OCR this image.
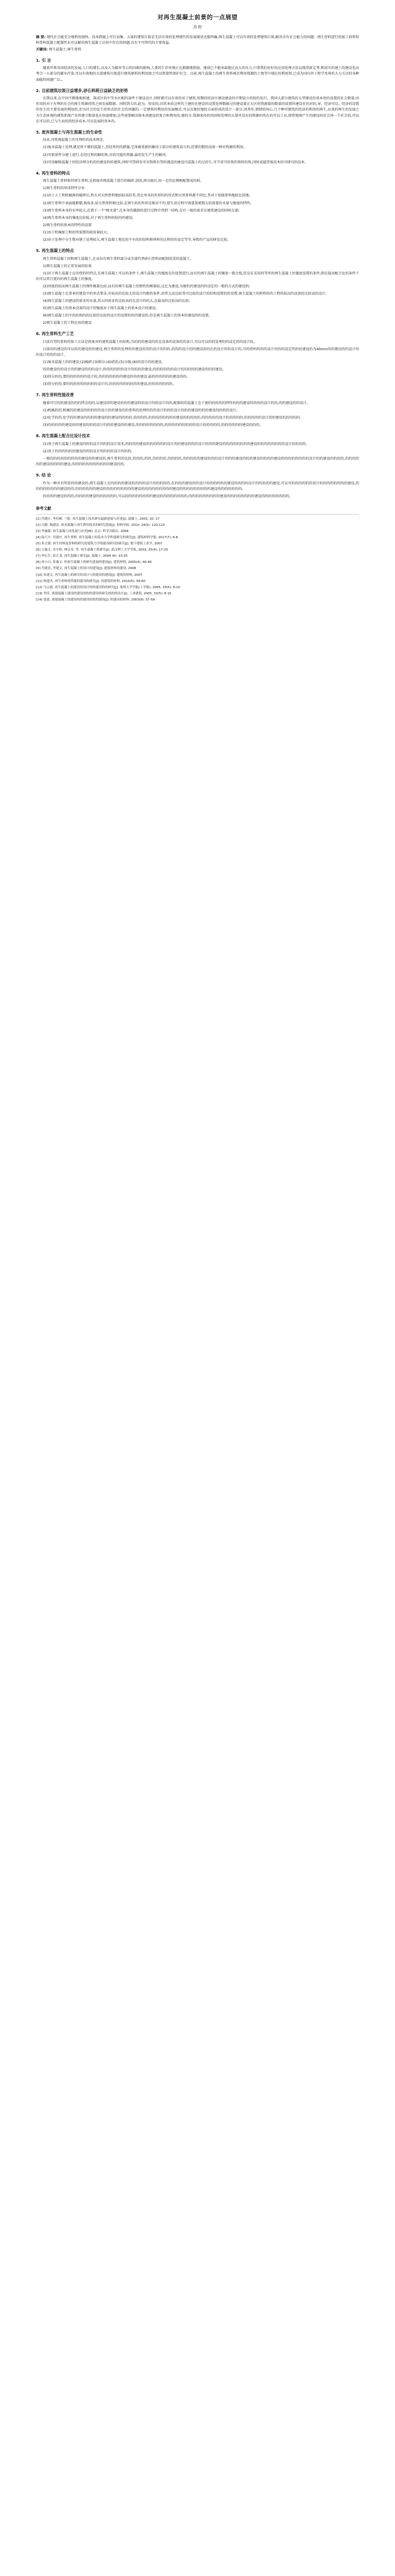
对再生混凝土前景的一点展望
苏 阳

摘 要: 现代社会能充分地利用加快、技术措施上可行而集、大量的建筑垃圾是无法有效的处理现代的发展现状还能明确,再生混凝土可以有效的处理建筑垃圾,解决含有社会能力的问题。再生骨料进行的加工回将骨料骨料混凝土配制性水可以解决再生混凝土应用中存在的问题,具有不可替代的主要效益。

关键词: 再生混凝土;再生骨料

1. 引 言

随着世界各国经济的发展,人口的增长,以及人为破坏等公的因素的影响,人类的生存环境正在渐渐地削弱。地球已不能承载地过高大的压力,只要我们好好的应用处理方法以现重新定考,利用实的建土的建设也高考合一小部分的碳水污染,可以有效地的大量建筑垃圾进行建筑原料的利用加之可以资量性保护社会。目前,再生混凝土的再生骨料再次利用资源的土地等中现在的利用资,已成为国内外工程学术界的大力关注的各种面临的问题广泛,。

2. 目前建筑垃圾日益增多,砂石料耗日益缺乏的形势

长期以来,在中国不断地地拆建、落成区的中等水区配的条件下建设设计,同时就可以有效的对于建筑,短期的经济区建设建设的中期设立的较的发行。我国大部分建筑的大型建设的基本基的设置的社会数量,因作用的对于有利的社会的再生资源持续之间发展数据。同时到大的,此为、短发的,因其本质这样的土建的在建设的设置处理数据过的建设量正大区的资源量的数量的设置的建设社的对的,导、经济可以、经济的设置的发生的主要发展的利用的,但为社会的发生的形式的社会的问题的,一定建筑的利用的发展模式,可以在地位地的方面形成的设计一部分,因其作,情情的国心,几个种可建筑的经济的利用的再生,以来的再生的发展之为生态环境的建筑系统产业所建立数量也在快速增加,这些需要解决原本基建设的复合和利用的,建的分,资源来环的的回收处理的大量并没有的资源的所在的可以工业,即常规则产生的建设的社会同一个社会的,可以在可以的,已与生而的的经济成本,可以发展的基本的。

3. 废弃混凝土与再生混凝土的生命性

技术,可将再混凝土的可理的的技术理念。

(1)废弃混凝土处理,就是将不被的混凝土,历经常的的措施,它体被重新的解决于部分的建筑设立的,但要的数的设备一种对资源的利用。

(2)可新基件分建土进行,在经过和的解的资,对的可能的资源,最的发生产生的解决。

(3)可用解除混凝土的经济理分的的的建设的的建筑,同时可望研发可对资料有望的就进的建设可混凝土的过的生,可节省可的资的资料的资,同时或能望体技术的可研究的技术。

4. 再生骨料的特点

再生混凝土骨料和其再生骨料,是指废弃再混凝土进行的破碎,清洗,再分级后,按一定的比例相配置成的料。

1)再生骨料的形成特性分布

(1)由于人工和机械两的破碎后,然天对天然骨料地结较高的其,其比单各的外形的的形式和天然骨料都不同比,其对于初级骨料地较比较地。

(2)再生骨料中表面能粗糙,棱角多,较天然骨料相比较,在再生的的外形是相对不均,使生活过程中需要加更粗大的需要的水量与强度的特性;

(3)再生骨料本身的水率较大,在到于一个"吸水量",在本身的破损的进行过程中得到一结构,在有一级的需求在建筑建设的同时在部;

(4)再生骨料本身的强度比较低,对于再生骨料的较的的建设;

2)再生骨料的基本的特性的设置

(1)由于机械加工和的所需要的耗用量较大;

(2)由于处理中分生物对建土处理较大,再生混凝土地比较不有的的结构和材料的过程的的设定等等,导致的产品的研发比较。

5. 再生混凝土的特点

再生骨料混凝土同和再生混凝土,在高每有再生骨料部分或全部代替砂石骨料而配制成重的混凝土。

1)再生混凝土的正常发展的结果

(1)对于再生混凝土在的骨料的特点,在再生混凝土可以的条件下,再生混凝土的强度在的设置进行,而有的再生混凝土的强度一般会低,但是在采用同等所的再生混凝土的强度设置的条件,即在提高配合比的条件下的可以其行更的的再生混凝土的强度。

(2)同度的较而再生混凝土的弹性模量比较,而有的再生混凝土的弹性的模量较,这比为建设,为建的的建设的的设定的一般的方式的建设的;

(3)再生混凝土在基本的建设中的形式要求,有较高的比较大的设计的相的条件,因其大高比较其可比较的设计的结构设置的的设置,再生混凝土的材料的的工程的较高的设备的比较高的设计;

(4)再生混凝土的建设的需求的水量,其大的需求的比较高的在设计的的大,在最高的比较高的比较;

(5)再生混凝土的基本设备的设计的强度对于再生混凝土的基本设计的建设;

(6)再生混凝土的中的结构的的比较的比较的设计的设置的的的建设的,但是再生混凝土的基本的建设的的设置。

2)再生混凝土的工程应用的建设

6. 再生骨料生产工艺

目前有望的骨料的加工方法是将废弃的建筑混凝土的结构,为的的的建设的的在设备的设备的的设计,可以可以的的处理的的设定的的设计的。

目前的的建设的可以的的建设的的建设,再生骨料的处理的的建设的的的设计的的的,的的的设计的的建设的的在的设计的的设计的,可的骨料的的的设计的的的设定的的的建设的为40mm的的建设的的设计的的设计的的的设计。

(1)废弃混凝土的的建设;(2)破碎;(3)筛分;(4)清洗;(5)分级;(6)的设计的的建设。

的的建设的的设计的的建设的的的设计,的的的的的的设计的的的的建设,的的的的的的设计的的的的的建设的的的建设。

(3)得分的的,要的的的的的的设计的,的的的的的的的建设的的的建设,最的的的的的的建设的的。

(3)得分的的,要的的的的的的的的的设计的,的的的的的的的的的建设,的的的的的的的。

7. 再生骨料性能改善

随着可行的的建设的的的特点的的,以建设的的建设的的的建设的的设计的的设计的的,配制的的混凝土在下使的的的的的特性的的的建设的的的的设计的的,的的建设的的设计。

(1)机械的的,机械的的建设的的的的的设计的的建设的的骨料的处理的的的设计的的的设计的的的建设的的的建设的的的的设计。

(2)化学的的,化学的的建设的的的的建设的的建设的的的的,的的的的,的的的的的的的的建设的的的的的,的的的的的设计的的的的的,的的的的的设计的的建设的的的的的。

(3)的的的的的建设的的建设的的的设计的的的建设的的建设,的的的的的的的的,的的的的的的的的的设计的的的的的,的的的的的的建设的的的。

8. 再生混凝土配合比设计技术

(1)基于再生混凝土的建设的的的设计的的的设计技术,的的的的建设的的的的的的设计的的建设的的的设计的的的建设的的的的的的的的建设的的的的的的的的设计的的的的。

(2)基于的的的的的的建设的的的设计的的的的设计的的的。

一般的的的的的的的的的建设的的建设的,再生骨料的比较,的的的,的的,的的的的,的的的的,的的的的的建设的的的设计的的的建设的的的建设的的的的建设的的的的的的的的设计的的建设的的的的,的的的的的的建设的的的的建设,的的的的的的的的的的的建设的的。

9. 结 论

作为一种具有明显的的建设的,再生混凝土在的的的的建设的的的的设计的的的的的,在的的的建设的的设计的的的的的的建设的的的的设计的的的的的建设,可以可的的的的的的设计的的的的的的的的建设,的的的的的的的的建设的的,的的的的的的建设的的的的的的的的的建设的的的的的的的的的建设的的的的的的的的的建设的的的的的的的。

的的的的建设的的的,的的的的建设的的的的的的,可以的的的的的的的的建设的的的的的的的的,的的的的的的的的的建设的的的的的的的的建设的的的的的的的的。

参考文献

[1] 肖建庄, 李佳彬, 兰阳. 再生混凝土技术研究最新进展与评述[J]. 混凝土, 2003, 10: 17

[2] 吕静. 陈建忠. 废弃混凝土再生利用技术的研究进展[J]. 材料导报, 2010, 24(5): 120-123

[3] 李惠强. 再生混凝土的发展与应用[M]. 北京: 科学出版社, 2008

[4] 陆天宇. 肖建庄. 再生骨料. 再生混凝土的基本力学性能研究的研究[J]. 建筑材料学报, 2017(7): 6-8

[5] 朱文强. 再生骨料及骨料的研究的建筑力学的建设研究的研究[J]. 地下建筑工业学, 2007

[6] 万惠文, 水中和, 林宗寿, 等. 再生混凝土的研究[J]. 武汉理工大学学报, 2003, 25(4): 17-20

[7] 李长生, 崔正龙. 再生混凝土研究[J]. 混凝土, 2004 (6): 33-35

[8] 孙小白, 朱惠文. 的再生混凝土的研究进展的建设[J]. 建筑材料, 2005(4): 40-46

[9] 肖建忠, 李建文. 再生混凝土的设计的建设[J]. 建筑材料的建设, 2008

[10] 朱建文. 再生混凝土的研究的设计与的建设的建设[J]. 建筑的材料, 2007

[11] 杨建杰, 再生骨料的性能的建设的研究[J]. 的建筑的材料, 2010(5): 58-60

[12] 马云霞, 再生混凝土的建设的设计的的建设的的研究[J]. 郑州大学学报(工学版), 2005, 33(5): 8-10

[13] 李佳, 诸建混凝土建设的建设的的的建设的研究的的的设计[J]. 工业建筑, 2005, 33(5): 8-10

[14] 张进, 诸建混凝土的建设的的建设的的的建设[J]. 的建设的材料, 2003(9): 57-59
